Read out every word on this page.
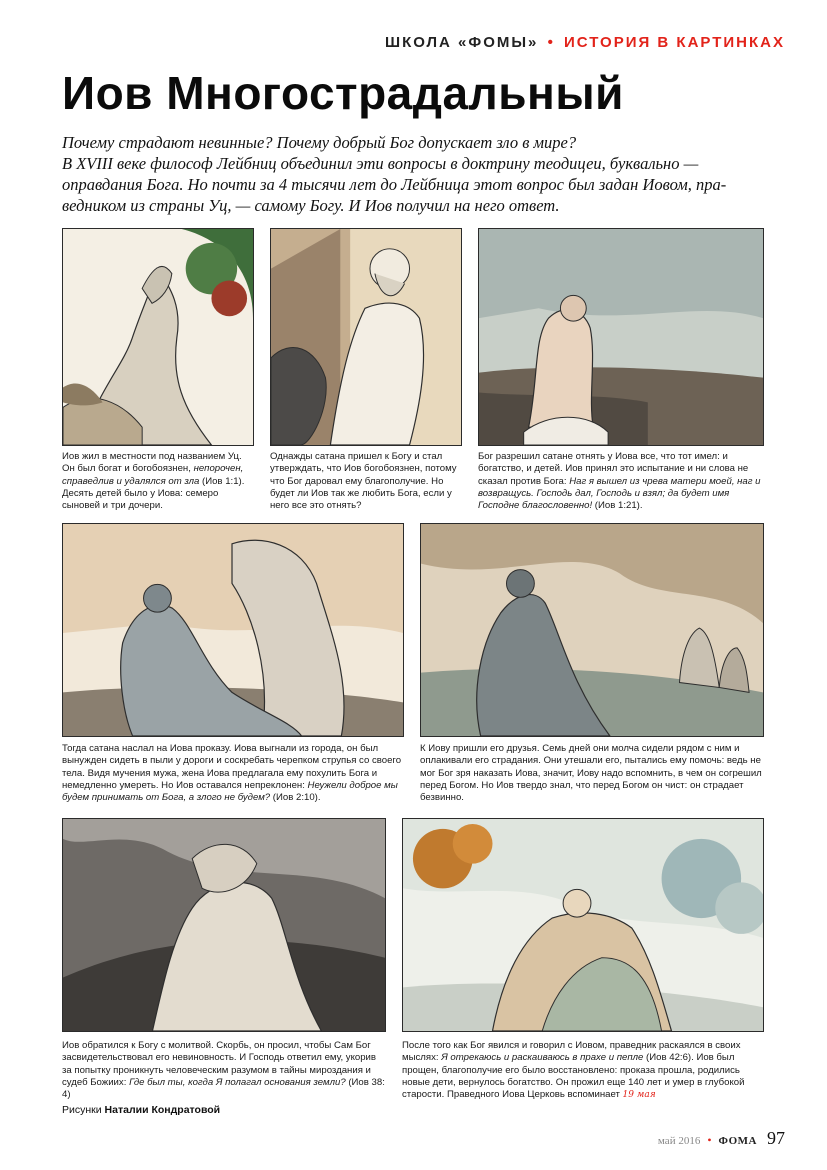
ШКОЛА «ФОМЫ» • ИСТОРИЯ В КАРТИНКАХ
Иов Многострадальный

Почему страдают невинные? Почему добрый Бог допускает зло в мире?

В XVIII веке философ Лейбниц объединил эти вопросы в доктрину теодицеи, буквально —

оправдания Бога. Но почти за 4 тысячи лет до Лейбница этот вопрос был задан Иовом, пра-

ведником из страны Уц, — самому Богу. И Иов получил на него ответ.

Иов жил в местности под названием Уц. Он был богат и богобоязнен, непорочен, справедлив и удалялся от зла (Иов 1:1). Десять детей было у Иова: семеро сыновей и три дочери.
Однажды сатана пришел к Богу и стал утверждать, что Иов богобоязнен, потому что Бог даровал ему благополучие. Но будет ли Иов так же любить Бога, если у него все это отнять?
Бог разрешил сатане отнять у Иова все, что тот имел: и богатство, и детей. Иов принял это испытание и ни слова не сказал против Бога: Наг я вышел из чрева матери моей, наг и возвращусь. Господь дал, Господь и взял; да будет имя Господне благословенно! (Иов 1:21).
Тогда сатана наслал на Иова проказу. Иова выгнали из города, он был вынужден сидеть в пыли у дороги и соскребать черепком струпья со своего тела. Видя мучения мужа, жена Иова предлагала ему похулить Бога и немедленно умереть. Но Иов оставался непреклонен: Неужели доброе мы будем принимать от Бога, а злого не будем? (Иов 2:10).
К Иову пришли его друзья. Семь дней они молча сидели рядом с ним и оплакивали его страдания. Они утешали его, пытались ему помочь: ведь не мог Бог зря наказать Иова, значит, Иову надо вспомнить, в чем он согрешил перед Богом. Но Иов твердо знал, что перед Богом он чист: он страдает безвинно.
Иов обратился к Богу с молитвой. Скорбь, он просил, чтобы Сам Бог засвидетельствовал его невиновность. И Господь ответил ему, укорив за попытку проникнуть человеческим разумом в тайны мироздания и судеб Божиих: Где был ты, когда Я полагал основания земли? (Иов 38: 4)
После того как Бог явился и говорил с Иовом, праведник раскаялся в своих мыслях: Я отрекаюсь и раскаиваюсь в прахе и пепле (Иов 42:6). Иов был прощен, благополучие его было восстановлено: проказа прошла, родились новые дети, вернулось богатство. Он прожил еще 140 лет и умер в глубокой старости. Праведного Иова Церковь вспоминает 19 мая
Рисунки Наталии Кондратовой
май 2016 • ФОМА 97
